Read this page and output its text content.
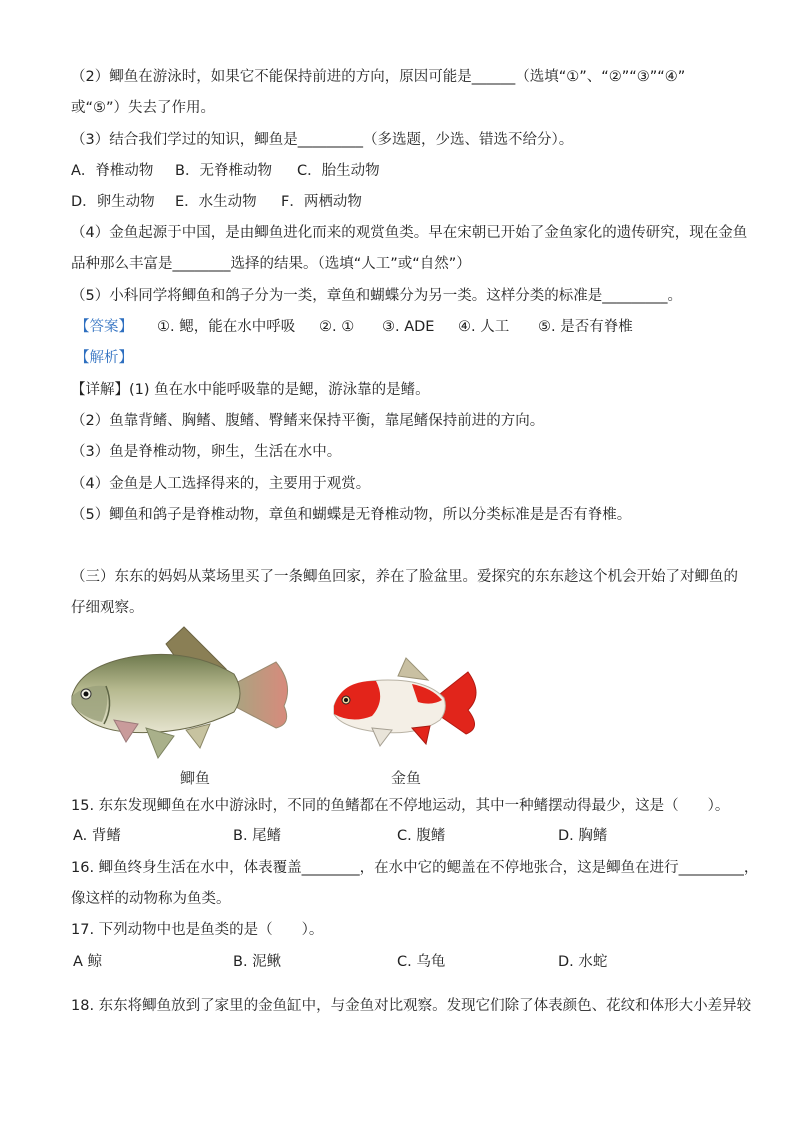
（2）鲫鱼在游泳时，如果它不能保持前进的方向，原因可能是______（选填“①”、“②”“③”“④”
或“⑤”）失去了作用。
（3）结合我们学过的知识，鲫鱼是_________（多选题，少选、错选不给分）。
A．脊椎动物 B．无脊椎动物 C．胎生动物
D．卵生动物 E．水生动物 F．两栖动物
（4）金鱼起源于中国，是由鲫鱼进化而来的观赏鱼类。早在宋朝已开始了金鱼家化的遗传研究，现在金鱼
品种那么丰富是________选择的结果。（选填“人工”或“自然”）
（5）小科同学将鲫鱼和鸽子分为一类，章鱼和蝴蝶分为另一类。这样分类的标准是_________。
【答案】 ①. 鳃，能在水中呼吸 ②. ① ③. ADE ④. 人工 ⑤. 是否有脊椎
【解析】
【详解】(1) 鱼在水中能呼吸靠的是鳃，游泳靠的是鳍。
（2）鱼靠背鳍、胸鳍、腹鳍、臀鳍来保持平衡，靠尾鳍保持前进的方向。
（3）鱼是脊椎动物，卵生，生活在水中。
（4）金鱼是人工选择得来的，主要用于观赏。
（5）鲫鱼和鸽子是脊椎动物，章鱼和蝴蝶是无脊椎动物，所以分类标准是是否有脊椎。
（三）东东的妈妈从菜场里买了一条鲫鱼回家，养在了脸盆里。爱探究的东东趁这个机会开始了对鲫鱼的
仔细观察。
鲫鱼	金鱼
15. 东东发现鲫鱼在水中游泳时，不同的鱼鳍都在不停地运动，其中一种鳍摆动得最少，这是（　　）。
A. 背鳍	B. 尾鳍	C. 腹鳍	D. 胸鳍
16. 鲫鱼终身生活在水中，体表覆盖________，在水中它的鳃盖在不停地张合，这是鲫鱼在进行_________，
像这样的动物称为鱼类。
17. 下列动物中也是鱼类的是（　　）。
A 鲸	B. 泥鳅	C. 乌龟	D. 水蛇
18. 东东将鲫鱼放到了家里的金鱼缸中，与金鱼对比观察。发现它们除了体表颜色、花纹和体形大小差异较
